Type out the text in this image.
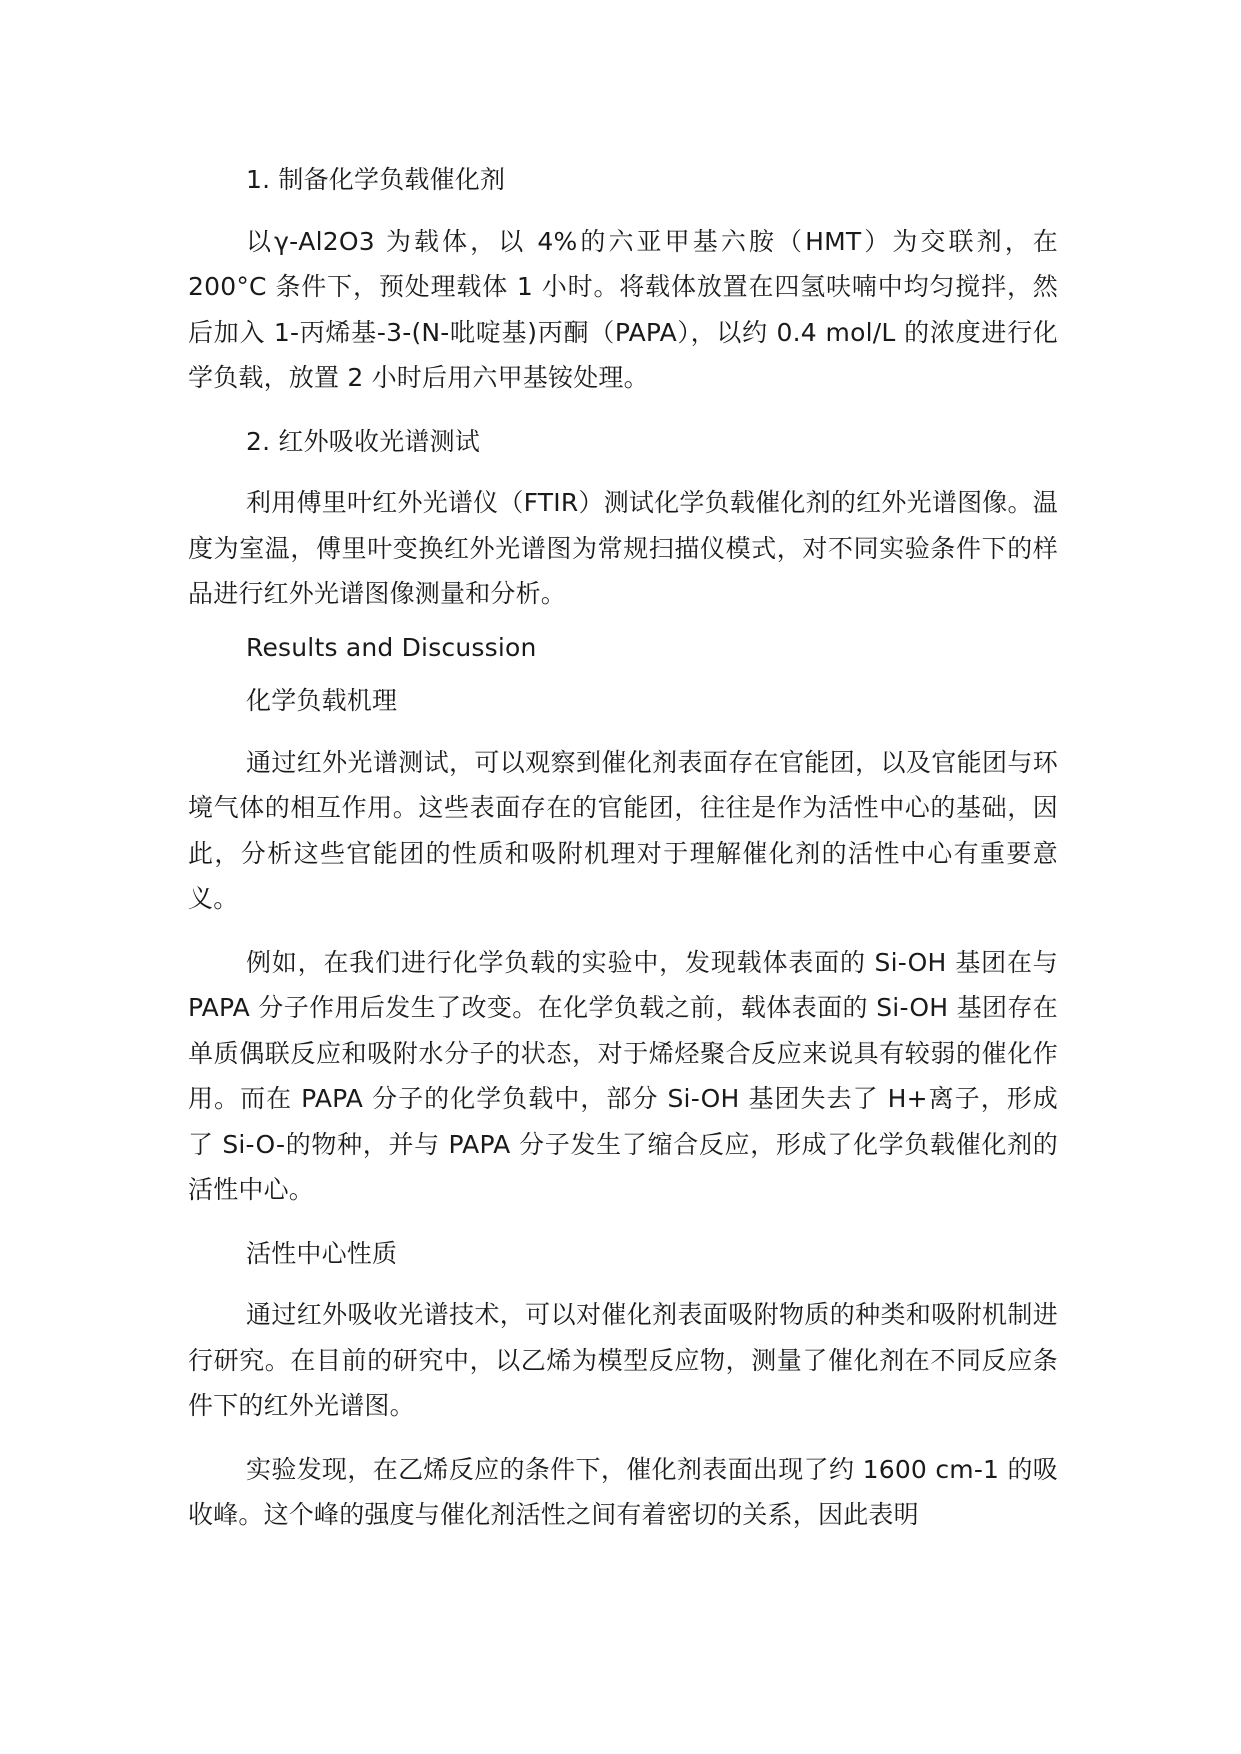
1. 制备化学负载催化剂

以γ-Al2O3 为载体，以 4%的六亚甲基六胺（HMT）为交联剂，在 200°C 条件下，预处理载体 1 小时。将载体放置在四氢呋喃中均匀搅拌，然后加入 1-丙烯基-3-(N-吡啶基)丙酮（PAPA），以约 0.4 mol/L 的浓度进行化学负载，放置 2 小时后用六甲基铵处理。

2. 红外吸收光谱测试

利用傅里叶红外光谱仪（FTIR）测试化学负载催化剂的红外光谱图像。温度为室温，傅里叶变换红外光谱图为常规扫描仪模式，对不同实验条件下的样品进行红外光谱图像测量和分析。

Results and Discussion

化学负载机理

通过红外光谱测试，可以观察到催化剂表面存在官能团，以及官能团与环境气体的相互作用。这些表面存在的官能团，往往是作为活性中心的基础，因此，分析这些官能团的性质和吸附机理对于理解催化剂的活性中心有重要意义。

例如，在我们进行化学负载的实验中，发现载体表面的 Si-OH 基团在与 PAPA 分子作用后发生了改变。在化学负载之前，载体表面的 Si-OH 基团存在单质偶联反应和吸附水分子的状态，对于烯烃聚合反应来说具有较弱的催化作用。而在 PAPA 分子的化学负载中，部分 Si-OH 基团失去了 H+离子，形成了 Si-O-的物种，并与 PAPA 分子发生了缩合反应，形成了化学负载催化剂的活性中心。

活性中心性质

通过红外吸收光谱技术，可以对催化剂表面吸附物质的种类和吸附机制进行研究。在目前的研究中，以乙烯为模型反应物，测量了催化剂在不同反应条件下的红外光谱图。

实验发现，在乙烯反应的条件下，催化剂表面出现了约 1600 cm-1 的吸收峰。这个峰的强度与催化剂活性之间有着密切的关系，因此表明
